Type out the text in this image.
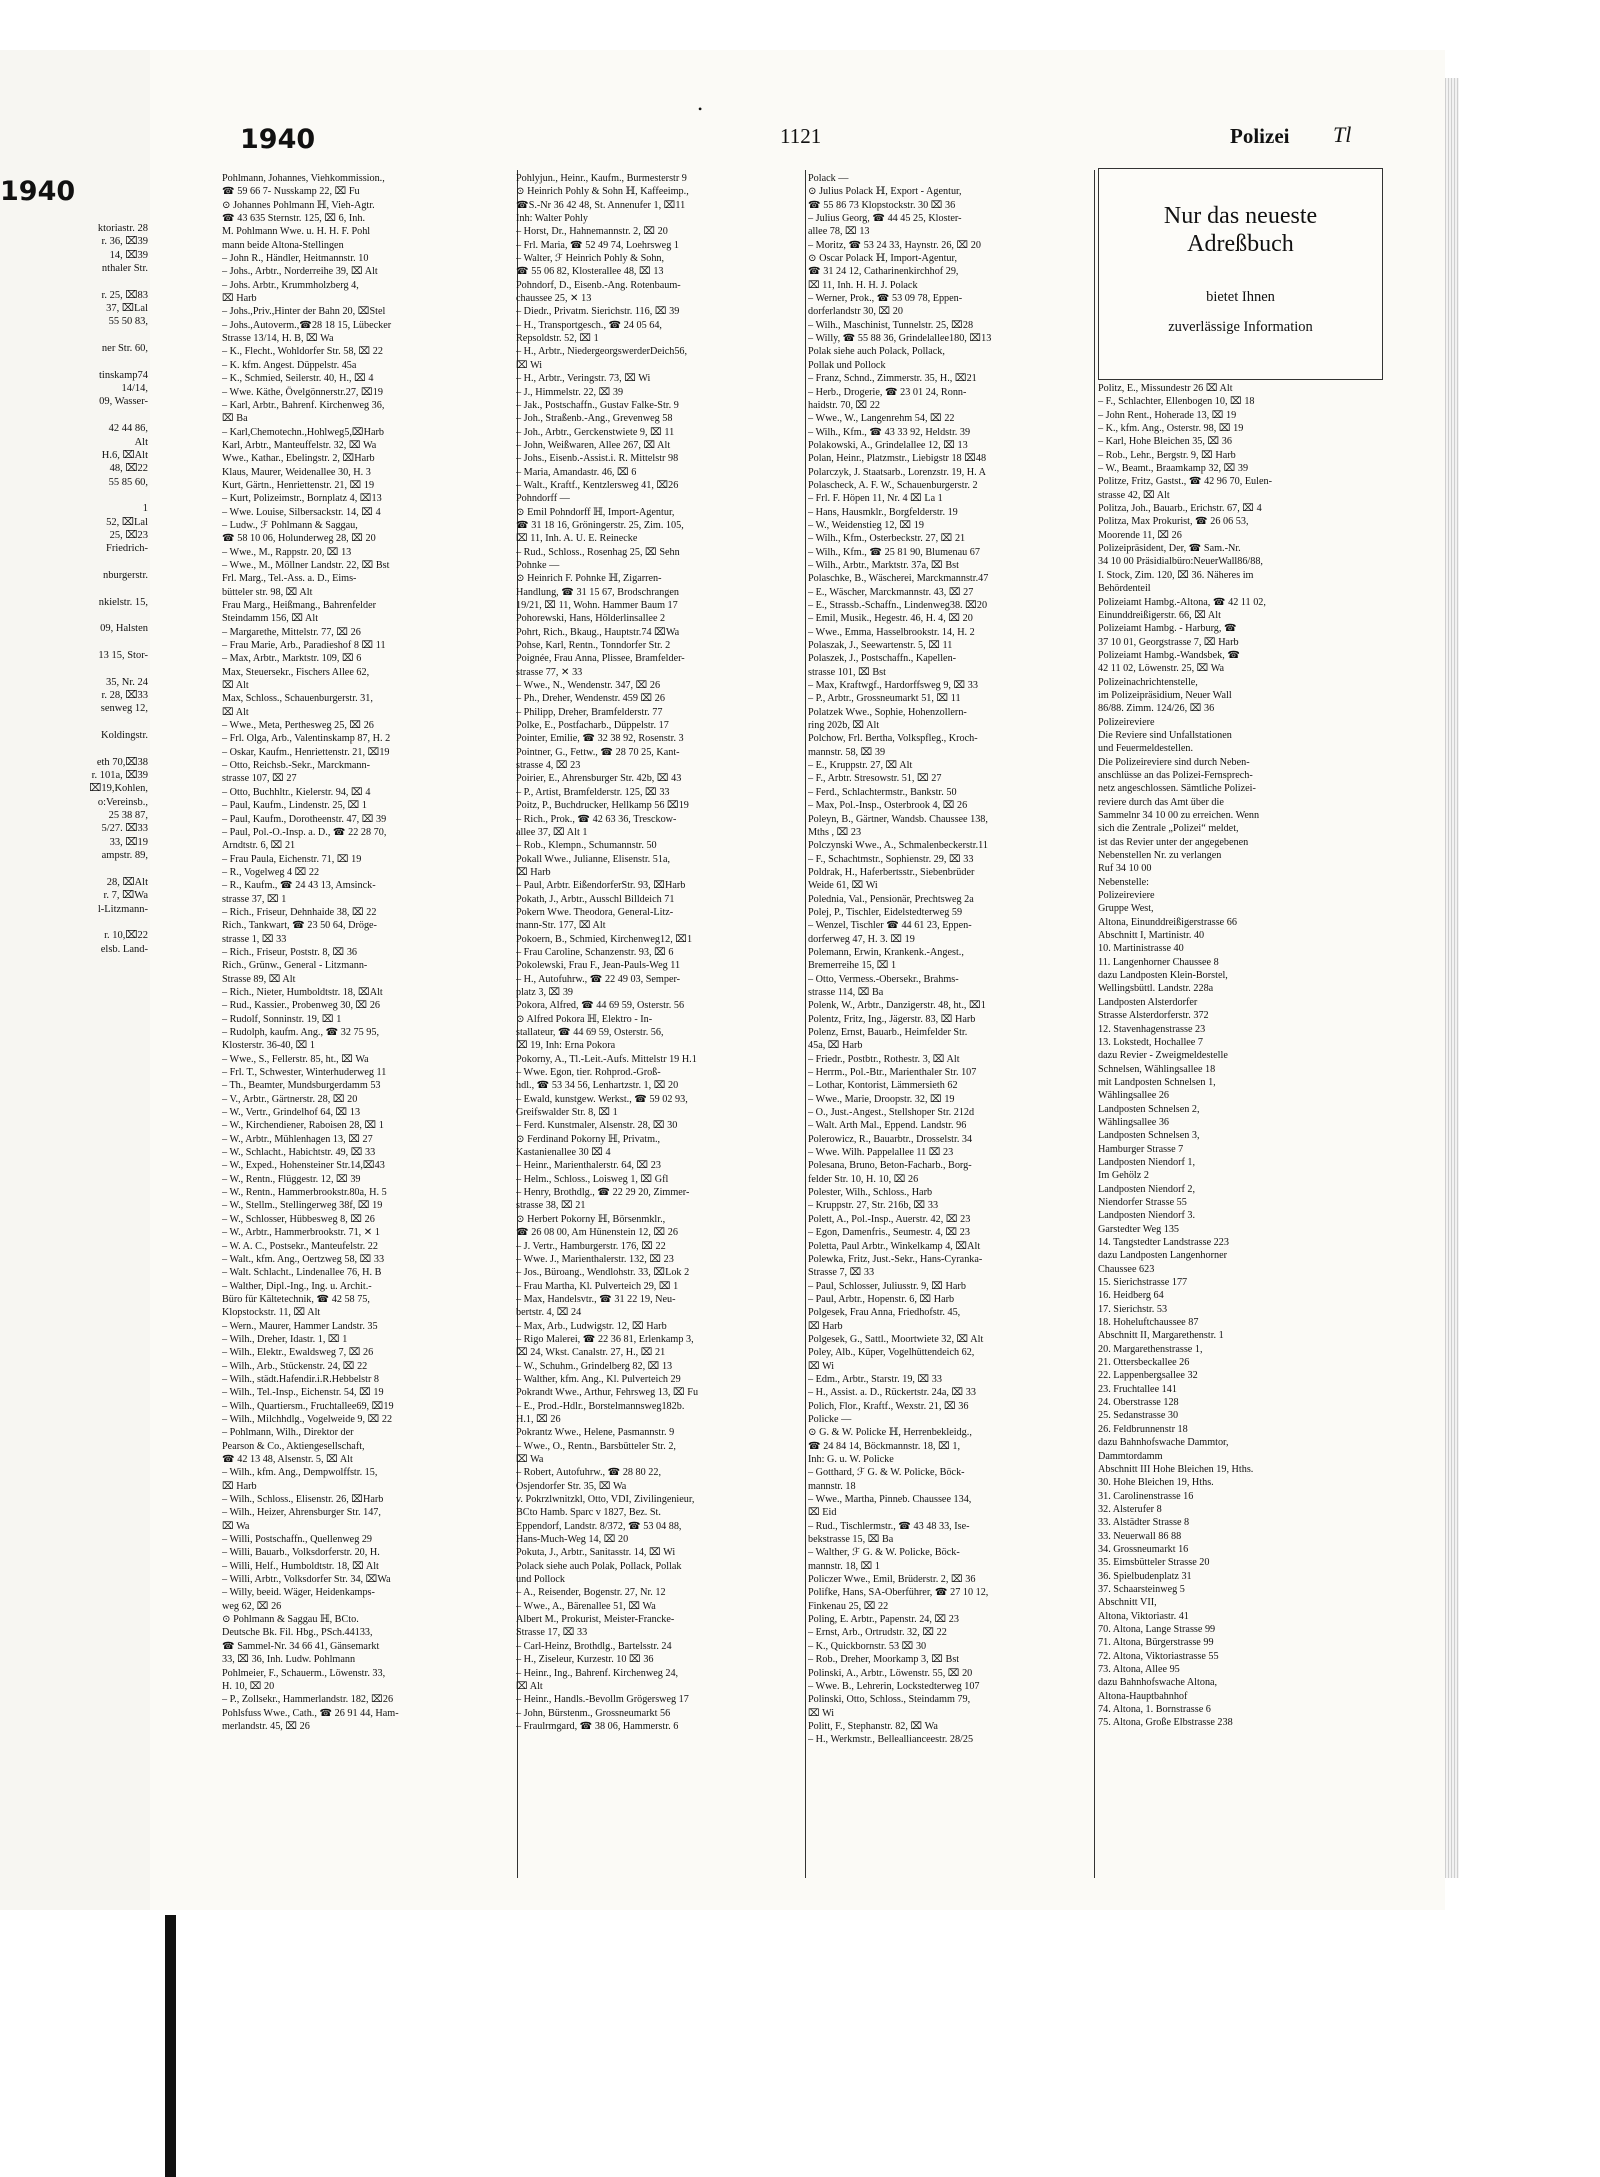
1940
ktoriastr. 28
r. 36, ⌧39
14, ⌧39
nthaler Str.

r. 25, ⌧83
37, ⌧Lal
55 50 83,

ner Str. 60,

tinskamp74
14/14,
09, Wasser-

42 44 86,
Alt
H.6, ⌧Alt
48, ⌧22
55 85 60,

1
52, ⌧Lal
25, ⌧23
Friedrich-

nburgerstr.

nkielstr. 15,

09, Halsten

13 15, Stor-

35, Nr. 24
r. 28, ⌧33
senweg 12,

Koldingstr.

eth 70,⌧38
r. 101a, ⌧39
⌧19,Kohlen,
o:Vereinsb.,
25 38 87,
5/27. ⌧33
33, ⌧19
ampstr. 89,

28, ⌧Alt
r. 7, ⌧Wa
l-Litzmann-

r. 10,⌧22
elsb. Land-
•
1940	1121	Polizei Tl
Pohlmann, Johannes, Viehkommission.,
☎ 59 66 7- Nusskamp 22, ⌧ Fu
⊙ Johannes Pohlmann ℍ, Vieh-Agtr.
☎ 43 635 Sternstr. 125, ⌧ 6, Inh.
M. Pohlmann Wwe. u. H. H. F. Pohl
mann beide Altona-Stellingen
– John R., Händler, Heitmannstr. 10
– Johs., Arbtr., Norderreihe 39, ⌧ Alt
– Johs. Arbtr., Krummholzberg 4,
⌧ Harb
– Johs.,Priv.,Hinter der Bahn 20, ⌧Stel
– Johs.,Autoverm.,☎28 18 15, Lübecker
Strasse 13/14, H. B, ⌧ Wa
– K., Flecht., Wohldorfer Str. 58, ⌧ 22
– K. kfm. Angest. Düppelstr. 45a
– K., Schmied, Seilerstr. 40, H., ⌧ 4
– Wwe. Käthe, Övelgönnerstr.27, ⌧19
– Karl, Arbtr., Bahrenf. Kirchenweg 36,
⌧ Ba
– Karl,Chemotechn.,Hohlweg5,⌧Harb
Karl, Arbtr., Manteuffelstr. 32, ⌧ Wa
Wwe., Kathar., Ebelingstr. 2, ⌧Harb
Klaus, Maurer, Weidenallee 30, H. 3
Kurt, Gärtn., Henriettenstr. 21, ⌧ 19
– Kurt, Polizeimstr., Bornplatz 4, ⌧13
– Wwe. Louise, Silbersackstr. 14, ⌧ 4
– Ludw., ℱ Pohlmann & Saggau,
☎ 58 10 06, Holunderweg 28, ⌧ 20
– Wwe., M., Rappstr. 20, ⌧ 13
– Wwe., M., Möllner Landstr. 22, ⌧ Bst
Frl. Marg., Tel.-Ass. a. D., Eims-
bütteler str. 98, ⌧ Alt
Frau Marg., Heißmang., Bahrenfelder
Steindamm 156, ⌧ Alt
– Margarethe, Mittelstr. 77, ⌧ 26
– Frau Marie, Arb., Paradieshof 8 ⌧ 11
– Max, Arbtr., Marktstr. 109, ⌧ 6
Max, Steuersekr., Fischers Allee 62,
⌧ Alt
Max, Schloss., Schauenburgerstr. 31,
⌧ Alt
– Wwe., Meta, Perthesweg 25, ⌧ 26
– Frl. Olga, Arb., Valentinskamp 87, H. 2
– Oskar, Kaufm., Henriettenstr. 21, ⌧19
– Otto, Reichsb.-Sekr., Marckmann-
strasse 107, ⌧ 27
– Otto, Buchhltr., Kielerstr. 94, ⌧ 4
– Paul, Kaufm., Lindenstr. 25, ⌧ 1
– Paul, Kaufm., Dorotheenstr. 47, ⌧ 39
– Paul, Pol.-O.-Insp. a. D., ☎ 22 28 70,
Arndtstr. 6, ⌧ 21
– Frau Paula, Eichenstr. 71, ⌧ 19
– R., Vogelweg 4 ⌧ 22
– R., Kaufm., ☎ 24 43 13, Amsinck-
strasse 37, ⌧ 1
– Rich., Friseur, Dehnhaide 38, ⌧ 22
Rich., Tankwart, ☎ 23 50 64, Dröge-
strasse 1, ⌧ 33
– Rich., Friseur, Poststr. 8, ⌧ 36
Rich., Grünw., General - Litzmann-
Strasse 89, ⌧ Alt
– Rich., Nieter, Humboldtstr. 18, ⌧Alt
– Rud., Kassier., Probenweg 30, ⌧ 26
– Rudolf, Sonninstr. 19, ⌧ 1
– Rudolph, kaufm. Ang., ☎ 32 75 95,
Klosterstr. 36-40, ⌧ 1
– Wwe., S., Fellerstr. 85, ht., ⌧ Wa
– Frl. T., Schwester, Winterhuderweg 11
– Th., Beamter, Mundsburgerdamm 53
– V., Arbtr., Gärtnerstr. 28, ⌧ 20
– W., Vertr., Grindelhof 64, ⌧ 13
– W., Kirchendiener, Raboisen 28, ⌧ 1
– W., Arbtr., Mühlenhagen 13, ⌧ 27
– W., Schlacht., Habichtstr. 49, ⌧ 33
– W., Exped., Hohensteiner Str.14,⌧43
– W., Rentn., Flüggestr. 12, ⌧ 39
– W., Rentn., Hammerbrookstr.80a, H. 5
– W., Stellm., Stellingerweg 38f, ⌧ 19
– W., Schlosser, Hübbesweg 8, ⌧ 26
– W., Arbtr., Hammerbrookstr. 71, ✕ 1
– W. A. C., Postsekr., Manteufelstr. 22
– Walt., kfm. Ang., Oertzweg 58, ⌧ 33
– Walt. Schlacht., Lindenallee 76, H. B
– Walther, Dipl.-Ing., Ing. u. Archit.-
Büro für Kältetechnik, ☎ 42 58 75,
Klopstockstr. 11, ⌧ Alt
– Wern., Maurer, Hammer Landstr. 35
– Wilh., Dreher, Idastr. 1, ⌧ 1
– Wilh., Elektr., Ewaldsweg 7, ⌧ 26
– Wilh., Arb., Stückenstr. 24, ⌧ 22
– Wilh., städt.Hafendir.i.R.Hebbelstr 8
– Wilh., Tel.-Insp., Eichenstr. 54, ⌧ 19
– Wilh., Quartiersm., Fruchtallee69, ⌧19
– Wilh., Milchhdlg., Vogelweide 9, ⌧ 22
– Pohlmann, Wilh., Direktor der
Pearson & Co., Aktiengesellschaft,
☎ 42 13 48, Alsenstr. 5, ⌧ Alt
– Wilh., kfm. Ang., Dempwolffstr. 15,
⌧ Harb
– Wilh., Schloss., Elisenstr. 26, ⌧Harb
– Wilh., Heizer, Ahrensburger Str. 147,
⌧ Wa
– Willi, Postschaffn., Quellenweg 29
– Willi, Bauarb., Volksdorferstr. 20, H.
– Willi, Helf., Humboldtstr. 18, ⌧ Alt
– Willi, Arbtr., Volksdorfer Str. 34, ⌧Wa
– Willy, beeid. Wäger, Heidenkamps-
weg 62, ⌧ 26
⊙ Pohlmann & Saggau ℍ, BCto.
Deutsche Bk. Fil. Hbg., PSch.44133,
☎ Sammel-Nr. 34 66 41, Gänsemarkt
33, ⌧ 36, Inh. Ludw. Pohlmann
Pohlmeier, F., Schauerm., Löwenstr. 33,
H. 10, ⌧ 20
– P., Zollsekr., Hammerlandstr. 182, ⌧26
Pohlsfuss Wwe., Cath., ☎ 26 91 44, Ham-
merlandstr. 45, ⌧ 26
Pohlyjun., Heinr., Kaufm., Burmesterstr 9
⊙ Heinrich Pohly & Sohn ℍ, Kaffeeimp.,
☎S.-Nr 36 42 48, St. Annenufer 1, ⌧11
Inh: Walter Pohly
– Horst, Dr., Hahnemannstr. 2, ⌧ 20
– Frl. Maria, ☎ 52 49 74, Loehrsweg 1
– Walter, ℱ Heinrich Pohly & Sohn,
☎ 55 06 82, Klosterallee 48, ⌧ 13
Pohndorf, D., Eisenb.-Ang. Rotenbaum-
chaussee 25, ✕ 13
– Diedr., Privatm. Sierichstr. 116, ⌧ 39
– H., Transportgesch., ☎ 24 05 64,
Repsoldstr. 52, ⌧ 1
– H., Arbtr., NiedergeorgswerderDeich56,
⌧ Wi
– H., Arbtr., Veringstr. 73, ⌧ Wi
– J., Himmelstr. 22, ⌧ 39
– Jak., Postschaffn., Gustav Falke-Str. 9
– Joh., Straßenb.-Ang., Grevenweg 58
– Joh., Arbtr., Gerckenstwiete 9, ⌧ 11
– John, Weißwaren, Allee 267, ⌧ Alt
– Johs., Eisenb.-Assist.i. R. Mittelstr 98
– Maria, Amandastr. 46, ⌧ 6
– Walt., Kraftf., Kentzlersweg 41, ⌧26
Pohndorff —
⊙ Emil Pohndorff ℍ, Import-Agentur,
☎ 31 18 16, Gröningerstr. 25, Zim. 105,
⌧ 11, Inh. A. U. E. Reinecke
– Rud., Schloss., Rosenhag 25, ⌧ Sehn
Pohnke —
⊙ Heinrich F. Pohnke ℍ, Zigarren-
Handlung, ☎ 31 15 67, Brodschrangen
19/21, ⌧ 11, Wohn. Hammer Baum 17
Pohorewski, Hans, Hölderlinsallee 2
Pohrt, Rich., Bkaug., Hauptstr.74 ⌧Wa
Pohse, Karl, Rentn., Tonndorfer Str. 2
Poignée, Frau Anna, Plissee, Bramfelder-
strasse 77, ✕ 33
– Wwe., N., Wendenstr. 347, ⌧ 26
– Ph., Dreher, Wendenstr. 459 ⌧ 26
– Philipp, Dreher, Bramfelderstr. 77
Polke, E., Postfacharb., Düppelstr. 17
Pointer, Emilie, ☎ 32 38 92, Rosenstr. 3
Pointner, G., Fettw., ☎ 28 70 25, Kant-
strasse 4, ⌧ 23
Poirier, E., Ahrensburger Str. 42b, ⌧ 43
– P., Artist, Bramfelderstr. 125, ⌧ 33
Poitz, P., Buchdrucker, Hellkamp 56 ⌧19
– Rich., Prok., ☎ 42 63 36, Tresckow-
allee 37, ⌧ Alt 1
– Rob., Klempn., Schumannstr. 50
Pokall Wwe., Julianne, Elisenstr. 51a,
⌧ Harb
– Paul, Arbtr. EißendorferStr. 93, ⌧Harb
Pokath, J., Arbtr., Ausschl Billdeich 71
Pokern Wwe. Theodora, General-Litz-
mann-Str. 177, ⌧ Alt
Pokoern, B., Schmied, Kirchenweg12, ⌧1
– Frau Caroline, Schanzenstr. 93, ⌧ 6
Pokolewski, Frau F., Jean-Pauls-Weg 11
– H., Autofuhrw., ☎ 22 49 03, Semper-
platz 3, ⌧ 39
Pokora, Alfred, ☎ 44 69 59, Osterstr. 56
⊙ Alfred Pokora ℍ, Elektro - In-
stallateur, ☎ 44 69 59, Osterstr. 56,
⌧ 19, Inh: Erna Pokora
Pokorny, A., Tl.-Leit.-Aufs. Mittelstr 19 H.1
– Wwe. Egon, tier. Rohprod.-Groß-
hdl., ☎ 53 34 56, Lenhartzstr. 1, ⌧ 20
– Ewald, kunstgew. Werkst., ☎ 59 02 93,
Greifswalder Str. 8, ⌧ 1
– Ferd. Kunstmaler, Alsenstr. 28, ⌧ 30
⊙ Ferdinand Pokorny ℍ, Privatm.,
Kastanienallee 30 ⌧ 4
– Heinr., Marienthalerstr. 64, ⌧ 23
– Helm., Schloss., Loisweg 1, ⌧ Gfl
– Henry, Brothdlg., ☎ 22 29 20, Zimmer-
strasse 38, ⌧ 21
⊙ Herbert Pokorny ℍ, Börsenmklr.,
☎ 26 08 00, Am Hünenstein 12, ⌧ 26
– J. Vertr., Hamburgerstr. 176, ⌧ 22
– Wwe. J., Marienthalerstr. 132, ⌧ 23
– Jos., Büroang., Wendlohstr. 33, ⌧Lok 2
– Frau Martha, Kl. Pulverteich 29, ⌧ 1
– Max, Handelsvtr., ☎ 31 22 19, Neu-
bertstr. 4, ⌧ 24
– Max, Arb., Ludwigstr. 12, ⌧ Harb
– Rigo Malerei, ☎ 22 36 81, Erlenkamp 3,
⌧ 24, Wkst. Canalstr. 27, H., ⌧ 21
– W., Schuhm., Grindelberg 82, ⌧ 13
– Walther, kfm. Ang., Kl. Pulverteich 29
Pokrandt Wwe., Arthur, Fehrsweg 13, ⌧ Fu
– E., Prod.-Hdlr., Borstelmannsweg182b.
H.1, ⌧ 26
Pokrantz Wwe., Helene, Pasmannstr. 9
– Wwe., O., Rentn., Barsbütteler Str. 2,
⌧ Wa
– Robert, Autofuhrw., ☎ 28 80 22,
Osjendorfer Str. 35, ⌧ Wa
v. Pokrzlwnitzkl, Otto, VDI, Zivilingenieur,
BCto Hamb. Sparc v 1827, Bez. St.
Eppendorf, Landstr. 8/372, ☎ 53 04 88,
Hans-Much-Weg 14, ⌧ 20
Pokuta, J., Arbtr., Sanitasstr. 14, ⌧ Wi
Polack siehe auch Polak, Pollack, Pollak
und Pollock
– A., Reisender, Bogenstr. 27, Nr. 12
– Wwe., A., Bärenallee 51, ⌧ Wa
Albert M., Prokurist, Meister-Francke-
Strasse 17, ⌧ 33
– Carl-Heinz, Brothdlg., Bartelsstr. 24
– H., Ziseleur, Kurzestr. 10 ⌧ 36
– Heinr., Ing., Bahrenf. Kirchenweg 24,
⌧ Alt
– Heinr., Handls.-Bevollm Grögersweg 17
– John, Bürstenm., Grossneumarkt 56
– Fraulrmgard, ☎ 38 06, Hammerstr. 6
Polack —
⊙ Julius Polack ℍ, Export - Agentur,
☎ 55 86 73 Klopstockstr. 30 ⌧ 36
– Julius Georg, ☎ 44 45 25, Kloster-
allee 78, ⌧ 13
– Moritz, ☎ 53 24 33, Haynstr. 26, ⌧ 20
⊙ Oscar Polack ℍ, Import-Agentur,
☎ 31 24 12, Catharinenkirchhof 29,
⌧ 11, Inh. H. H. J. Polack
– Werner, Prok., ☎ 53 09 78, Eppen-
dorferlandstr 30, ⌧ 20
– Wilh., Maschinist, Tunnelstr. 25, ⌧28
– Willy, ☎ 55 88 36, Grindelallee180, ⌧13
Polak siehe auch Polack, Pollack,
Pollak und Pollock
– Franz, Schnd., Zimmerstr. 35, H., ⌧21
– Herb., Drogerie, ☎ 23 01 24, Ronn-
haidstr. 70, ⌧ 22
– Wwe., W., Langenrehm 54, ⌧ 22
– Wilh., Kfm., ☎ 43 33 92, Heldstr. 39
Polakowski, A., Grindelallee 12, ⌧ 13
Polan, Heinr., Platzmstr., Liebigstr 18 ⌧48
Polarczyk, J. Staatsarb., Lorenzstr. 19, H. A
Polascheck, A. F. W., Schauenburgerstr. 2
– Frl. F. Höpen 11, Nr. 4 ⌧ La 1
– Hans, Hausmklr., Borgfelderstr. 19
– W., Weidenstieg 12, ⌧ 19
– Wilh., Kfm., Osterbeckstr. 27, ⌧ 21
– Wilh., Kfm., ☎ 25 81 90, Blumenau 67
– Wilh., Arbtr., Marktstr. 37a, ⌧ Bst
Polaschke, B., Wäscherei, Marckmannstr.47
– E., Wäscher, Marckmannstr. 43, ⌧ 27
– E., Strassb.-Schaffn., Lindenweg38. ⌧20
– Emil, Musik., Hegestr. 46, H. 4, ⌧ 20
– Wwe., Emma, Hasselbrookstr. 14, H. 2
Polaszak, J., Seewartenstr. 5, ⌧ 11
Polaszek, J., Postschaffn., Kapellen-
strasse 101, ⌧ Bst
– Max, Kraftwgf., Hardorffsweg 9, ⌧ 33
– P., Arbtr., Grossneumarkt 51, ⌧ 11
Polatzek Wwe., Sophie, Hohenzollern-
ring 202b, ⌧ Alt
Polchow, Frl. Bertha, Volkspfleg., Kroch-
mannstr. 58, ⌧ 39
– E., Kruppstr. 27, ⌧ Alt
– F., Arbtr. Stresowstr. 51, ⌧ 27
– Ferd., Schlachtermstr., Bankstr. 50
– Max, Pol.-Insp., Osterbrook 4, ⌧ 26
Poleyn, B., Gärtner, Wandsb. Chaussee 138,
Mths , ⌧ 23
Polczynski Wwe., A., Schmalenbeckerstr.11
– F., Schachtmstr., Sophienstr. 29, ⌧ 33
Poldrak, H., Haferbertsstr., Siebenbrüder
Weide 61, ⌧ Wi
Polednia, Val., Pensionär, Prechtsweg 2a
Polej, P., Tischler, Eidelstedterweg 59
– Wenzel, Tischler ☎ 44 61 23, Eppen-
dorferweg 47, H. 3. ⌧ 19
Polemann, Erwin, Krankenk.-Angest.,
Bremerreihe 15, ⌧ 1
– Otto, Vermess.-Obersekr., Brahms-
strasse 114, ⌧ Ba
Polenk, W., Arbtr., Danzigerstr. 48, ht., ⌧1
Polentz, Fritz, Ing., Jägerstr. 83, ⌧ Harb
Polenz, Ernst, Bauarb., Heimfelder Str.
45a, ⌧ Harb
– Friedr., Postbtr., Rothestr. 3, ⌧ Alt
– Herrm., Pol.-Btr., Marienthaler Str. 107
– Lothar, Kontorist, Lämmersieth 62
– Wwe., Marie, Droopstr. 32, ⌧ 19
– O., Just.-Angest., Stellshoper Str. 212d
– Walt. Arth Mal., Eppend. Landstr. 96
Polerowicz, R., Bauarbtr., Drosselstr. 34
– Wwe. Wilh. Pappelallee 11 ⌧ 23
Polesana, Bruno, Beton-Facharb., Borg-
felder Str. 10, H. 10, ⌧ 26
Polester, Wilh., Schloss., Harb
– Kruppstr. 27, Str. 216b, ⌧ 33
Polett, A., Pol.-Insp., Auerstr. 42, ⌧ 23
– Egon, Damenfris., Seumestr. 4, ⌧ 23
Poletta, Paul Arbtr., Winkelkamp 4, ⌧Alt
Polewka, Fritz, Just.-Sekr., Hans-Cyranka-
Strasse 7, ⌧ 33
– Paul, Schlosser, Juliusstr. 9, ⌧ Harb
– Paul, Arbtr., Hopenstr. 6, ⌧ Harb
Polgesek, Frau Anna, Friedhofstr. 45,
⌧ Harb
Polgesek, G., Sattl., Moortwiete 32, ⌧ Alt
Poley, Alb., Küper, Vogelhüttendeich 62,
⌧ Wi
– Edm., Arbtr., Starstr. 19, ⌧ 33
– H., Assist. a. D., Rückertstr. 24a, ⌧ 33
Polich, Flor., Kraftf., Wexstr. 21, ⌧ 36
Policke —
⊙ G. & W. Policke ℍ, Herrenbekleidg.,
☎ 24 84 14, Böckmannstr. 18, ⌧ 1,
Inh: G. u. W. Policke
– Gotthard, ℱ G. & W. Policke, Böck-
mannstr. 18
– Wwe., Martha, Pinneb. Chaussee 134,
⌧ Eid
– Rud., Tischlermstr., ☎ 43 48 33, Ise-
bekstrasse 15, ⌧ Ba
– Walther, ℱ G. & W. Policke, Böck-
mannstr. 18, ⌧ 1
Policzer Wwe., Emil, Brüderstr. 2, ⌧ 36
Polifke, Hans, SA-Oberführer, ☎ 27 10 12,
Finkenau 25, ⌧ 22
Poling, E. Arbtr., Papenstr. 24, ⌧ 23
– Ernst, Arb., Ortrudstr. 32, ⌧ 22
– K., Quickbornstr. 53 ⌧ 30
– Rob., Dreher, Moorkamp 3, ⌧ Bst
Polinski, A., Arbtr., Löwenstr. 55, ⌧ 20
– Wwe. B., Lehrerin, Lockstedterweg 107
Polinski, Otto, Schloss., Steindamm 79,
⌧ Wi
Politt, F., Stephanstr. 82, ⌧ Wa
– H., Werkmstr., Belleallianceestr. 28/25
Nur das neueste
Adreßbuch
bietet Ihnen
zuverlässige Information
Politz, E., Missundestr 26 ⌧ Alt
– F., Schlachter, Ellenbogen 10, ⌧ 18
– John Rent., Hoherade 13, ⌧ 19
– K., kfm. Ang., Osterstr. 98, ⌧ 19
– Karl, Hohe Bleichen 35, ⌧ 36
– Rob., Lehr., Bergstr. 9, ⌧ Harb
– W., Beamt., Braamkamp 32, ⌧ 39
Politze, Fritz, Gastst., ☎ 42 96 70, Eulen-
strasse 42, ⌧ Alt
Politza, Joh., Bauarb., Erichstr. 67, ⌧ 4
Politza, Max Prokurist, ☎ 26 06 53,
Moorende 11, ⌧ 26
Polizeipräsident, Der, ☎ Sam.-Nr.
34 10 00 Präsidialbüro:NeuerWall86/88,
I. Stock, Zim. 120, ⌧ 36. Näheres im
Behördenteil
Polizeiamt Hambg.-Altona, ☎ 42 11 02,
Einunddreißigerstr. 66, ⌧ Alt
Polizeiamt Hambg. - Harburg, ☎
37 10 01, Georgstrasse 7, ⌧ Harb
Polizeiamt Hambg.-Wandsbek, ☎
42 11 02, Löwenstr. 25, ⌧ Wa
Polizeinachrichtenstelle,
im Polizeipräsidium, Neuer Wall
86/88. Zimm. 124/26, ⌧ 36
Polizeireviere
Die Reviere sind Unfallstationen
und Feuermeldestellen.
Die Polizeireviere sind durch Neben-
anschlüsse an das Polizei-Fernsprech-
netz angeschlossen. Sämtliche Polizei-
reviere durch das Amt über die
Sammelnr 34 10 00 zu erreichen. Wenn
sich die Zentrale „Polizei“ meldet,
ist das Revier unter der angegebenen
Nebenstellen Nr. zu verlangen
Ruf 34 10 00
Nebenstelle:
Polizeireviere
Gruppe West,
Altona, Einunddreißigerstrasse 66
Abschnitt I, Martinistr. 40
10. Martinistrasse 40
11. Langenhorner Chaussee 8
dazu Landposten Klein-Borstel,
Wellingsbüttl. Landstr. 228a
Landposten Alsterdorfer
Strasse Alsterdorferstr. 372
12. Stavenhagenstrasse 23
13. Lokstedt, Hochallee 7
dazu Revier - Zweigmeldestelle
Schnelsen, Wählingsallee 18
mit Landposten Schnelsen 1,
Wählingsallee 26
Landposten Schnelsen 2,
Wählingsallee 36
Landposten Schnelsen 3,
Hamburger Strasse 7
Landposten Niendorf 1,
Im Gehölz 2
Landposten Niendorf 2,
Niendorfer Strasse 55
Landposten Niendorf 3.
Garstedter Weg 135
14. Tangstedter Landstrasse 223
dazu Landposten Langenhorner
Chaussee 623
15. Sierichstrasse 177
16. Heidberg 64
17. Sierichstr. 53
18. Hoheluftchaussee 87
Abschnitt II, Margarethenstr. 1
20. Margarethenstrasse 1,
21. Ottersbeckallee 26
22. Lappenbergsallee 32
23. Fruchtallee 141
24. Oberstrasse 128
25. Sedanstrasse 30
26. Feldbrunnenstr 18
dazu Bahnhofswache Dammtor,
Dammtordamm
Abschnitt III Hohe Bleichen 19, Hths.
30. Hohe Bleichen 19, Hths.
31. Carolinenstrasse 16
32. Alsterufer 8
33. Alstädter Strasse 8
33. Neuerwall 86 88
34. Grossneumarkt 16
35. Eimsbütteler Strasse 20
36. Spielbudenplatz 31
37. Schaarsteinweg 5
Abschnitt VII,
Altona, Viktoriastr. 41
70. Altona, Lange Strasse 99
71. Altona, Bürgerstrasse 99
72. Altona, Viktoriastrasse 55
73. Altona, Allee 95
dazu Bahnhofswache Altona,
Altona-Hauptbahnhof
74. Altona, 1. Bornstrasse 6
75. Altona, Große Elbstrasse 238
